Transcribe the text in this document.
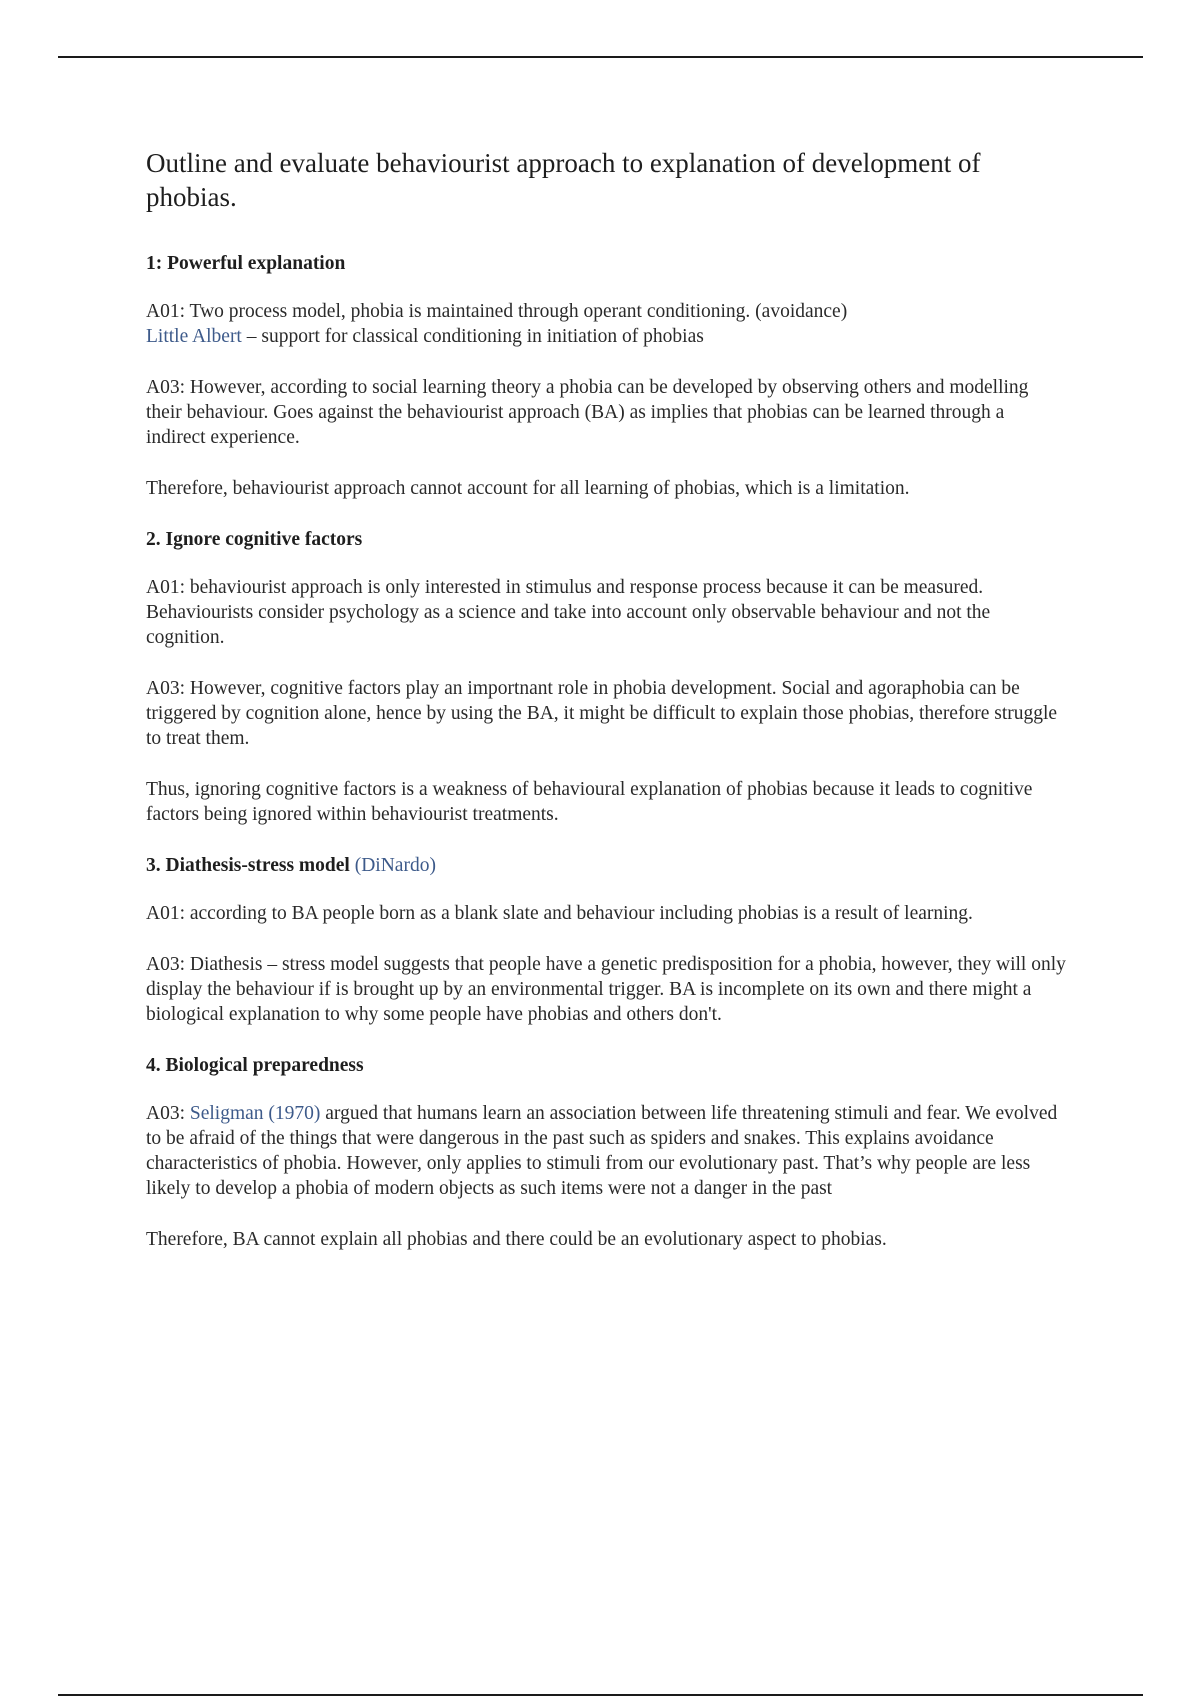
Outline and evaluate behaviourist approach to explanation of development of phobias.
1: Powerful explanation

A01: Two process model, phobia is maintained through operant conditioning. (avoidance)
Little Albert – support for classical conditioning in initiation of phobias

A03: However, according to social learning theory a phobia can be developed by observing others and modelling their behaviour. Goes against the behaviourist approach (BA) as implies that phobias can be learned through a indirect experience.

Therefore, behaviourist approach cannot account for all learning of phobias, which is a limitation.

2. Ignore cognitive factors

A01: behaviourist approach is only interested in stimulus and response process because it can be measured. Behaviourists consider psychology as a science and take into account only observable behaviour and not the cognition.

A03: However, cognitive factors play an importnant role in phobia development. Social and agoraphobia can be triggered by cognition alone, hence by using the BA, it might be difficult to explain those phobias, therefore struggle to treat them.

Thus, ignoring cognitive factors is a weakness of behavioural explanation of phobias because it leads to cognitive factors being ignored within behaviourist treatments.

3. Diathesis-stress model (DiNardo)

A01: according to BA people born as a blank slate and behaviour including phobias is a result of learning.

A03: Diathesis – stress model suggests that people have a genetic predisposition for a phobia, however, they will only display the behaviour if is brought up by an environmental trigger. BA is incomplete on its own and there might a biological explanation to why some people have phobias and others don't.

4. Biological preparedness

A03: Seligman (1970) argued that humans learn an association between life threatening stimuli and fear. We evolved to be afraid of the things that were dangerous in the past such as spiders and snakes. This explains avoidance characteristics of phobia. However, only applies to stimuli from our evolutionary past. That’s why people are less likely to develop a phobia of modern objects as such items were not a danger in the past

Therefore, BA cannot explain all phobias and there could be an evolutionary aspect to phobias.
